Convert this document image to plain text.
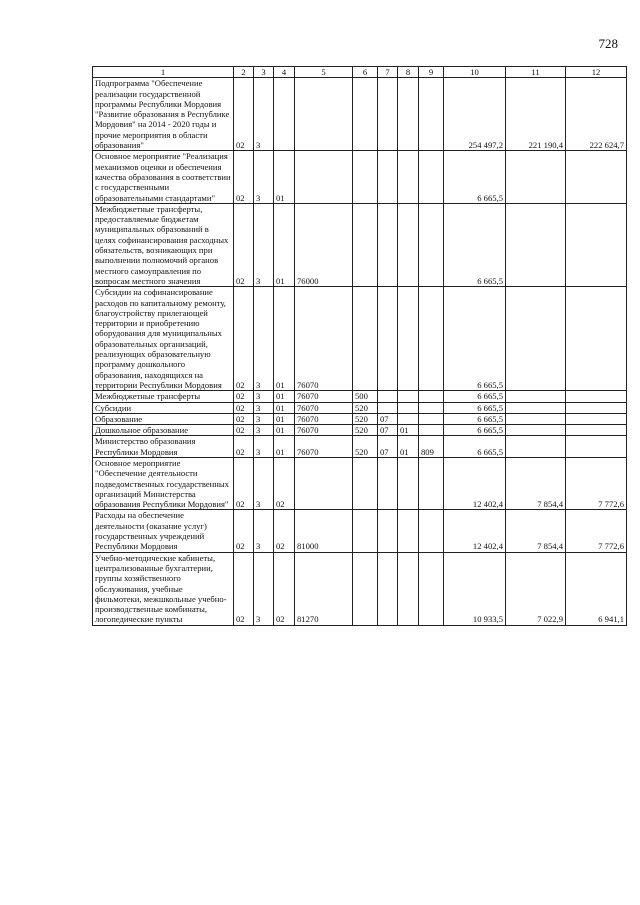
728
1	2	3	4	5	6	7	8	9	10	11	12
Подпрограмма "Обеспечение реализации государственной программы Республики Мордовия "Развитие образования в Республике Мордовия" на 2014 - 2020 годы и прочие мероприятия в области образования"	02	3							254 497,2	221 190,4	222 624,7
Основное мероприятие "Реализация механизмов оценки и обеспечения качества образования в соответствии с государственными образовательными стандартами"	02	3	01						6 665,5		
Межбюджетные трансферты, предоставляемые бюджетам муниципальных образований в целях софинансирования расходных обязательств, возникающих при выполнении полномочий органов местного самоуправления по вопросам местного значения	02	3	01	76000					6 665,5		
Субсидии на софинансирование расходов по капитальному ремонту, благоустройству прилегающей территории и приобретению оборудования для муниципальных образовательных организаций, реализующих образовательную программу дошкольного образования, находящихся на территории Республики Мордовия	02	3	01	76070					6 665,5		
Межбюджетные трансферты	02	3	01	76070	500				6 665,5		
Субсидии	02	3	01	76070	520				6 665,5		
Образование	02	3	01	76070	520	07			6 665,5		
Дошкольное образование	02	3	01	76070	520	07	01		6 665,5		
Министерство образования Республики Мордовия	02	3	01	76070	520	07	01	809	6 665,5		
Основное мероприятие "Обеспечение деятельности подведомственных государственных организаций Министерства образования Республики Мордовия"	02	3	02						12 402,4	7 854,4	7 772,6
Расходы на обеспечение деятельности (оказание услуг) государственных учреждений Республики Мордовия	02	3	02	81000					12 402,4	7 854,4	7 772,6
Учебно-методические кабинеты, централизованные бухгалтерии, группы хозяйственного обслуживания, учебные фильмотеки, межшкольные учебно-производственные комбинаты, логопедические пункты	02	3	02	81270					10 933,5	7 022,9	6 941,1
